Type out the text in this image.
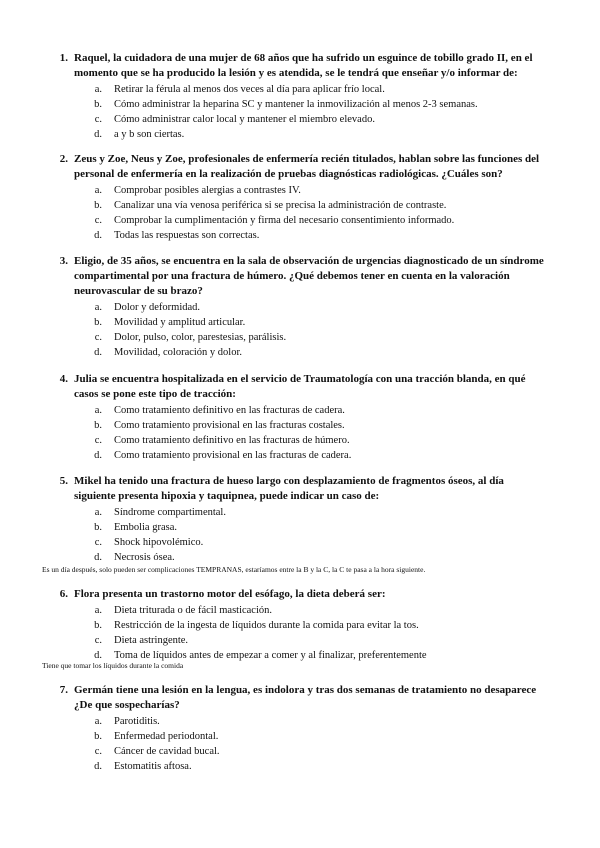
1. Raquel, la cuidadora de una mujer de 68 años que ha sufrido un esguince de tobillo grado II, en el momento que se ha producido la lesión y es atendida, se le tendrá que enseñar y/o informar de:
a.	Retirar la férula al menos dos veces al día para aplicar frío local.
b.	Cómo administrar la heparina SC y mantener la inmovilización al menos 2-3 semanas.
c.	Cómo administrar calor local y mantener el miembro elevado.
d.	a y b son ciertas.
2. Zeus y Zoe, Neus y Zoe, profesionales de enfermería recién titulados, hablan sobre las funciones del personal de enfermería en la realización de pruebas diagnósticas radiológicas. ¿Cuáles son?
a.	Comprobar posibles alergias a contrastes IV.
b.	Canalizar una vía venosa periférica si se precisa la administración de contraste.
c.	Comprobar la cumplimentación y firma del necesario consentimiento informado.
d.	Todas las respuestas son correctas.
3. Eligio, de 35 años, se encuentra en la sala de observación de urgencias diagnosticado de un síndrome compartimental por una fractura de húmero. ¿Qué debemos tener en cuenta en la valoración neurovascular de su brazo?
a.	Dolor y deformidad.
b.	Movilidad y amplitud articular.
c.	Dolor, pulso, color, parestesias, parálisis.
d.	Movilidad, coloración y dolor.
4. Julia se encuentra hospitalizada en el servicio de Traumatología con una tracción blanda, en qué casos se pone este tipo de tracción:
a.	Como tratamiento definitivo en las fracturas de cadera.
b.	Como tratamiento provisional en las fracturas costales.
c.	Como tratamiento definitivo en las fracturas de húmero.
d.	Como tratamiento provisional en las fracturas de cadera.
5. Mikel ha tenido una fractura de hueso largo con desplazamiento de fragmentos óseos, al día siguiente presenta hipoxia y taquipnea, puede indicar un caso de:
a.	Síndrome compartimental.
b.	Embolia grasa.
c.	Shock hipovolémico.
d.	Necrosis ósea.
Es un día después, solo pueden ser complicaciones TEMPRANAS, estaríamos entre la B y la C, la C te pasa a la hora siguiente.
6. Flora presenta un trastorno motor del esófago, la dieta deberá ser:
a.	Dieta triturada o de fácil masticación.
b.	Restricción de la ingesta de líquidos durante la comida para evitar la tos.
c.	Dieta astringente.
d.	Toma de líquidos antes de empezar a comer y al finalizar, preferentemente
Tiene que tomar los líquidos durante la comida
7. Germán tiene una lesión en la lengua, es indolora y tras dos semanas de tratamiento no desaparece ¿De que sospecharías?
a.	Parotiditis.
b.	Enfermedad periodontal.
c.	Cáncer de cavidad bucal.
d.	Estomatitis aftosa.
